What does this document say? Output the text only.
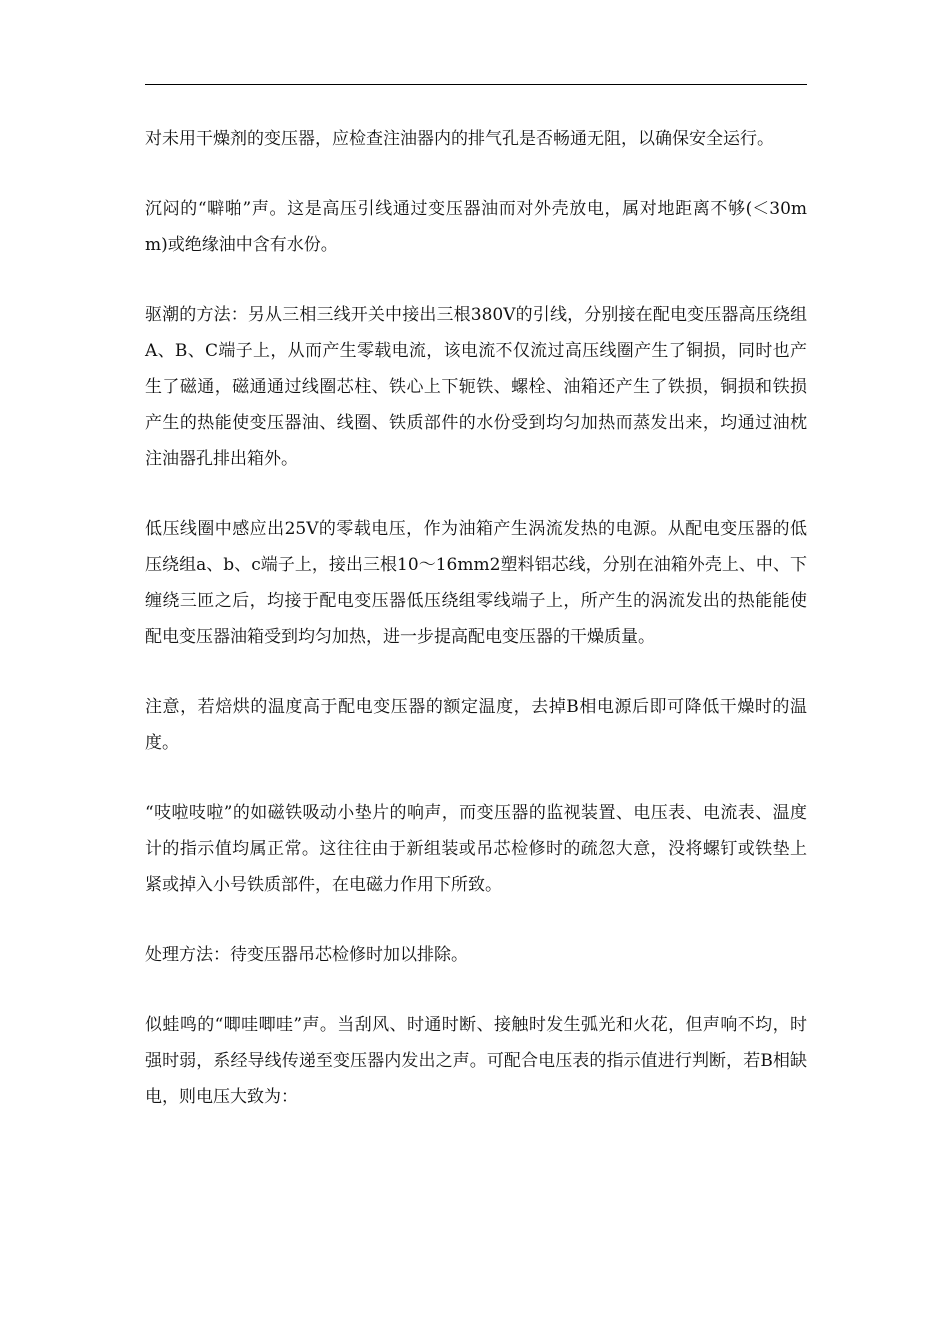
对未用干燥剂的变压器，应检查注油器内的排气孔是否畅通无阻，以确保安全运行。

沉闷的“噼啪”声。这是高压引线通过变压器油而对外壳放电，属对地距离不够(＜30mm)或绝缘油中含有水份。

驱潮的方法：另从三相三线开关中接出三根380V的引线，分别接在配电变压器高压绕组A、B、C端子上，从而产生零载电流，该电流不仅流过高压线圈产生了铜损，同时也产生了磁通，磁通通过线圈芯柱、铁心上下轭铁、螺栓、油箱还产生了铁损，铜损和铁损产生的热能使变压器油、线圈、铁质部件的水份受到均匀加热而蒸发出来，均通过油枕注油器孔排出箱外。

低压线圈中感应出25V的零载电压，作为油箱产生涡流发热的电源。从配电变压器的低压绕组a、b、c端子上，接出三根10～16mm2塑料铝芯线，分别在油箱外壳上、中、下缠绕三匝之后，均接于配电变压器低压绕组零线端子上，所产生的涡流发出的热能能使配电变压器油箱受到均匀加热，进一步提高配电变压器的干燥质量。

注意，若焙烘的温度高于配电变压器的额定温度，去掉B相电源后即可降低干燥时的温度。

“吱啦吱啦”的如磁铁吸动小垫片的响声，而变压器的监视装置、电压表、电流表、温度计的指示值均属正常。这往往由于新组装或吊芯检修时的疏忽大意，没将螺钉或铁垫上紧或掉入小号铁质部件，在电磁力作用下所致。

处理方法：待变压器吊芯检修时加以排除。

似蛙鸣的“唧哇唧哇”声。当刮风、时通时断、接触时发生弧光和火花，但声响不均，时强时弱，系经导线传递至变压器内发出之声。可配合电压表的指示值进行判断，若B相缺电，则电压大致为：
